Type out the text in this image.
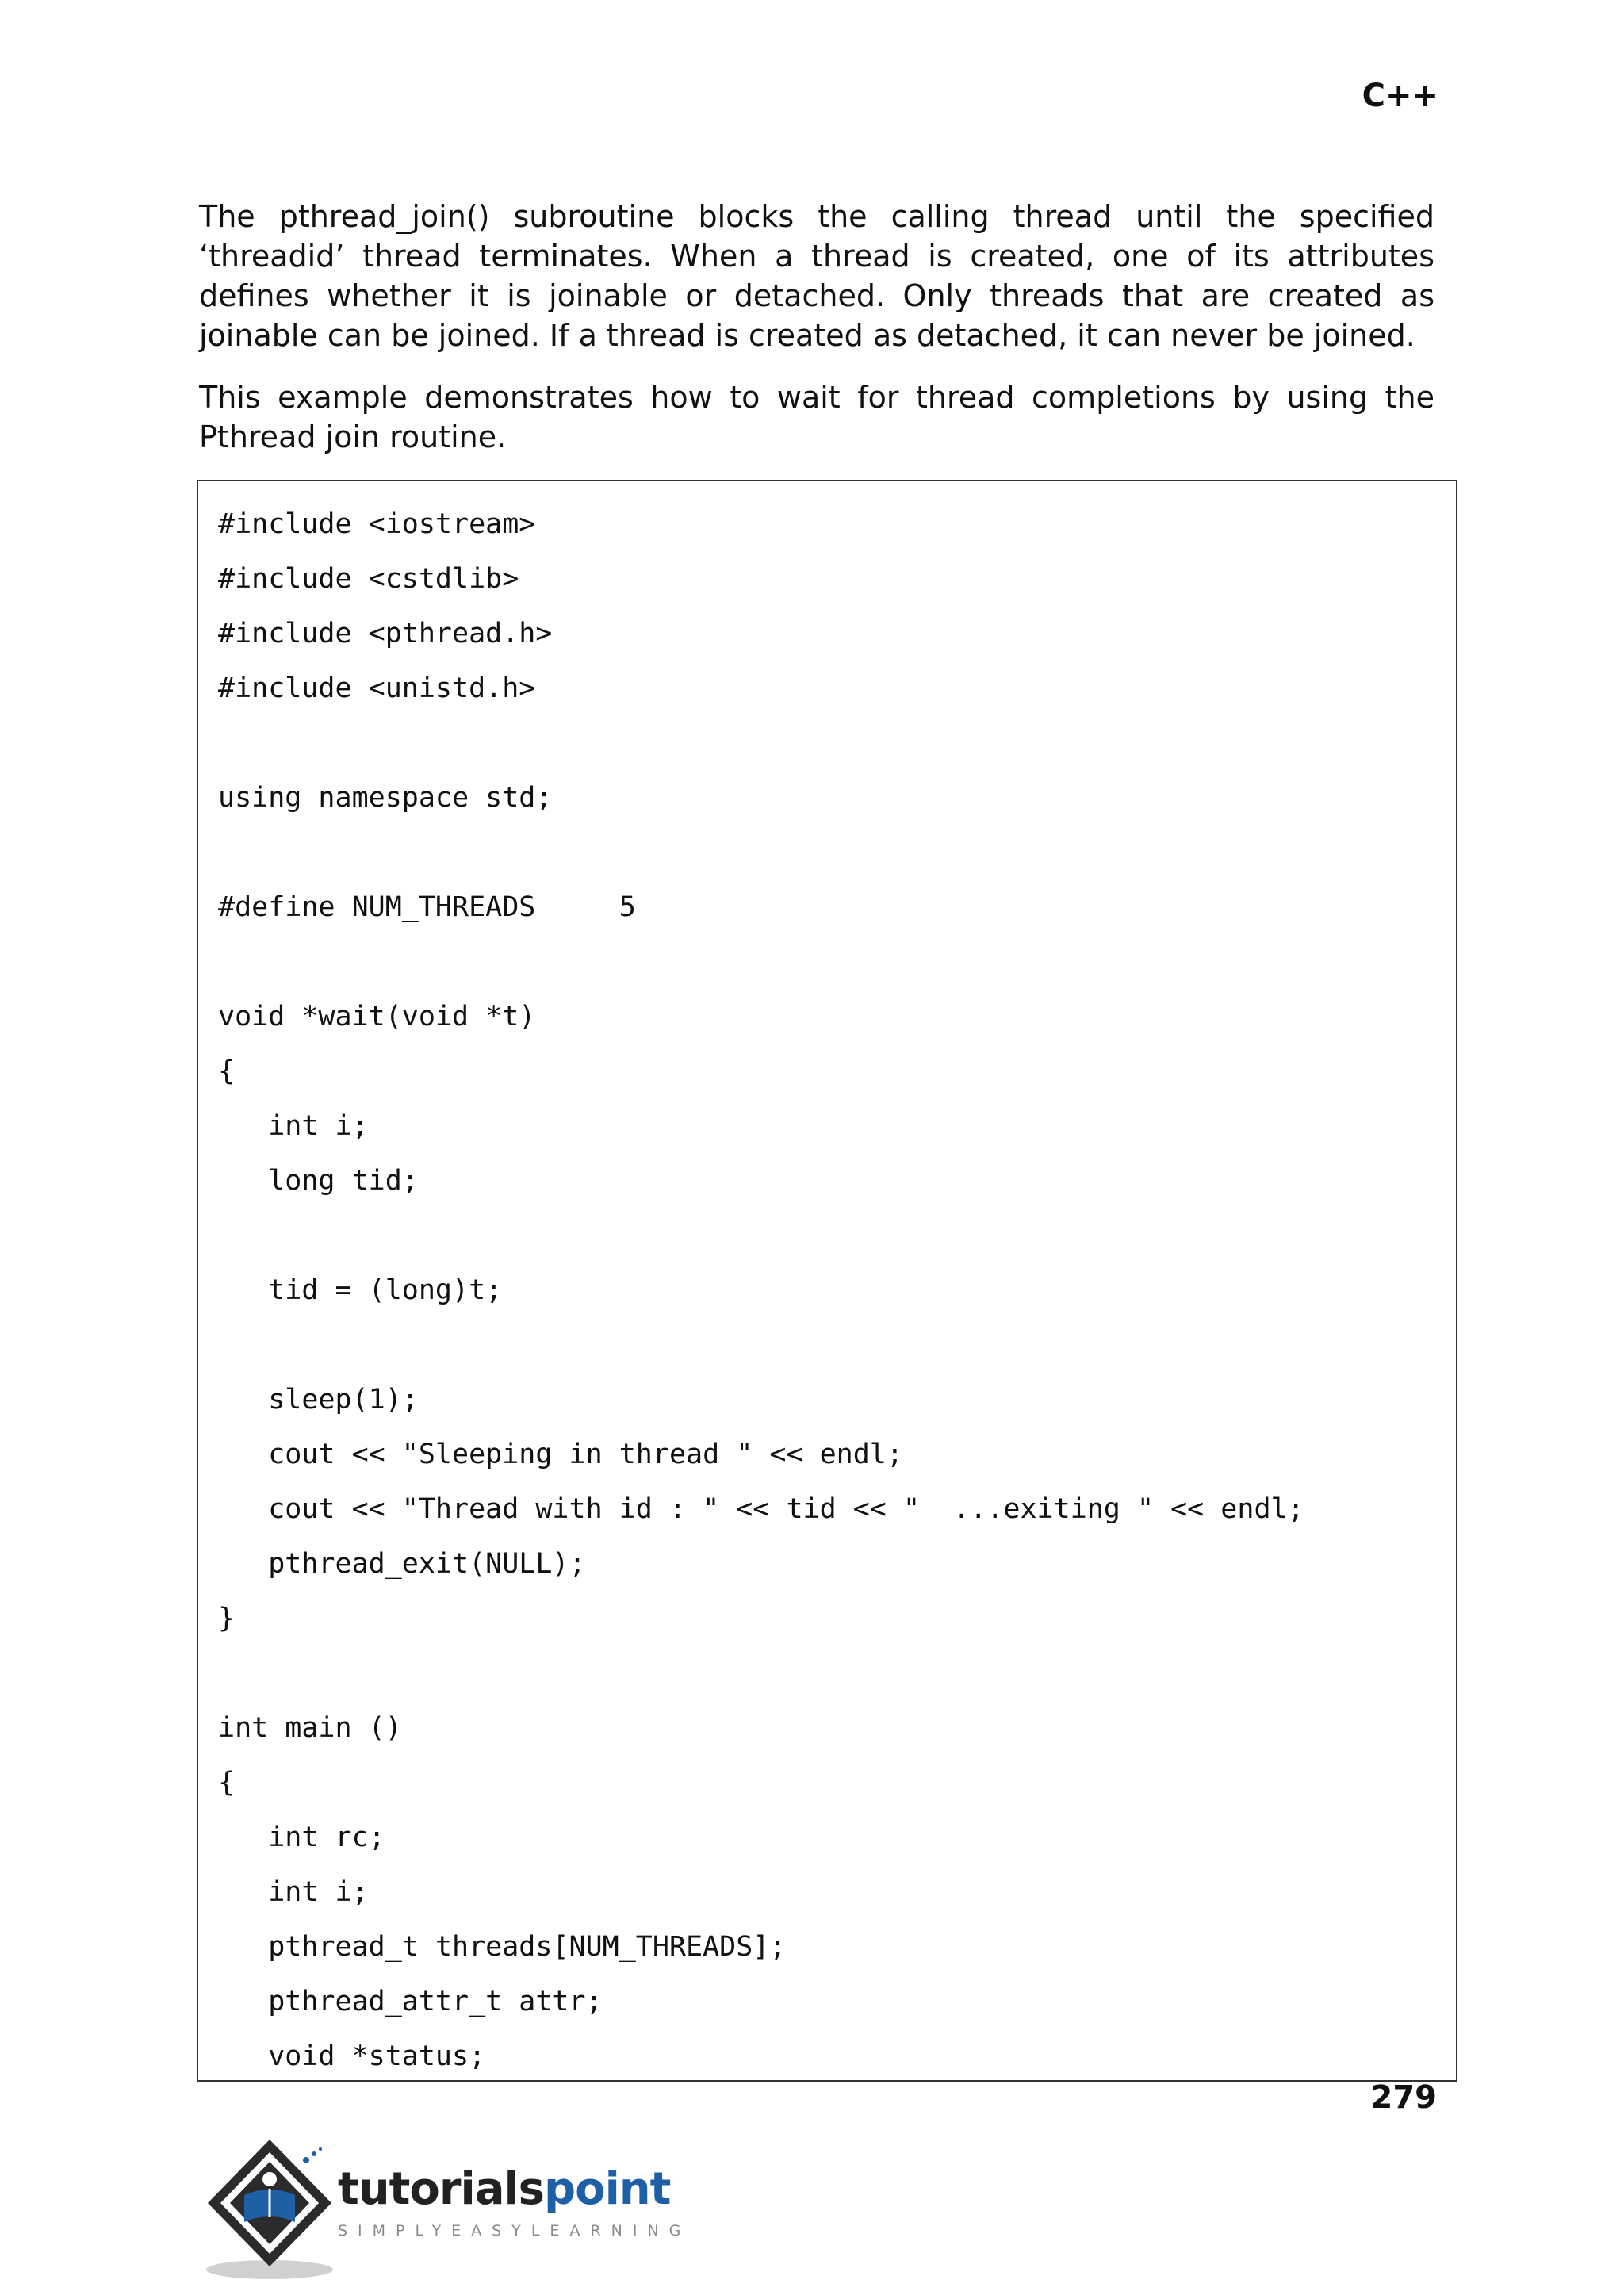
C++

The pthread_join() subroutine blocks the calling thread until the specified ‘threadid’ thread terminates. When a thread is created, one of its attributes defines whether it is joinable or detached. Only threads that are created as joinable can be joined. If a thread is created as detached, it can never be joined.

This example demonstrates how to wait for thread completions by using the Pthread join routine.

#include <iostream>
#include <cstdlib>
#include <pthread.h>
#include <unistd.h>
using namespace std;
#define NUM_THREADS     5
void *wait(void *t)
{
int i;
long tid;
tid = (long)t;
sleep(1);
cout << "Sleeping in thread " << endl;
cout << "Thread with id : " << tid << "  ...exiting " << endl;
pthread_exit(NULL);
}
int main ()
{
int rc;
int i;
pthread_t threads[NUM_THREADS];
pthread_attr_t attr;
void *status;
279
tutorialspoint
SIMPLYEASYLEARNING
